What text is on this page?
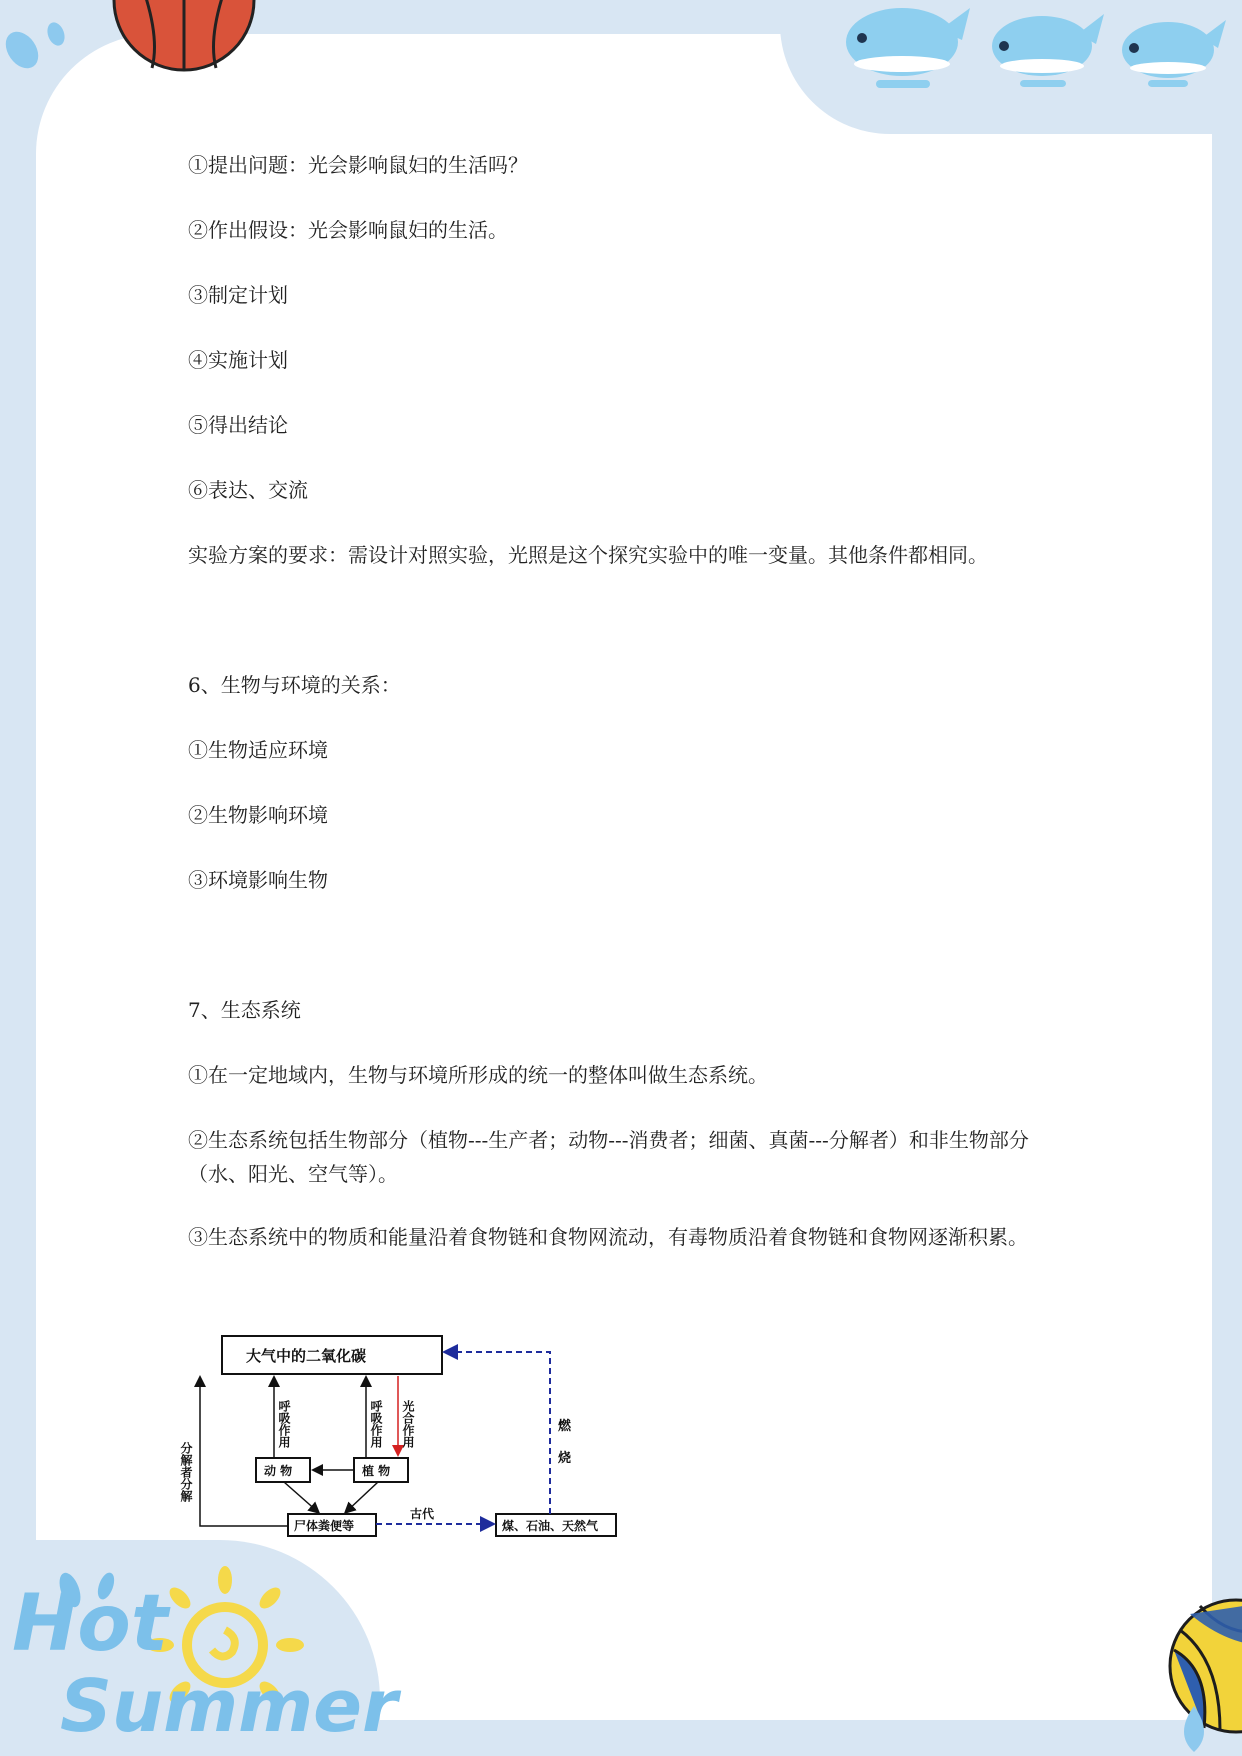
Hot
Summer
①提出问题：光会影响鼠妇的生活吗？
②作出假设：光会影响鼠妇的生活。
③制定计划
④实施计划
⑤得出结论
⑥表达、交流
实验方案的要求：需设计对照实验，光照是这个探究实验中的唯一变量。其他条件都相同。
6、生物与环境的关系：
①生物适应环境
②生物影响环境
③环境影响生物
7、生态系统
①在一定地域内，生物与环境所形成的统一的整体叫做生态系统。
②生态系统包括生物部分（植物---生产者；动物---消费者；细菌、真菌---分解者）和非生物部分（水、阳光、空气等）。
③生态系统中的物质和能量沿着食物链和食物网流动，有毒物质沿着食物链和食物网逐渐积累。
大气中的二氧化碳
动 物	植 物
尸体粪便等	煤、石油、天然气
呼吸作用	呼吸作用 光合作用
分解者分解
古代
燃
烧
